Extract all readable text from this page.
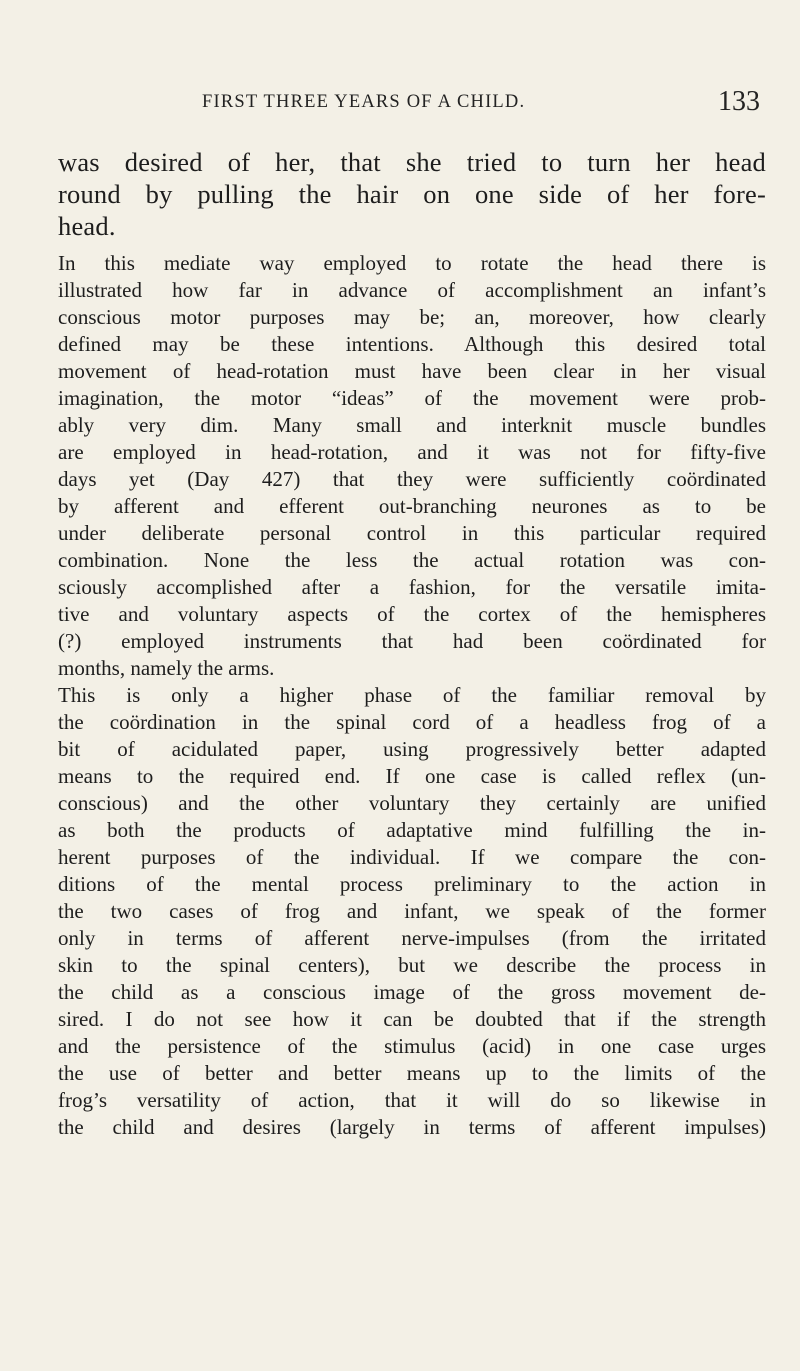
FIRST THREE YEARS OF A CHILD.	133
was desired of her, that she tried to turn her head
round by pulling the hair on one side of her fore-
head.
In this mediate way employed to rotate the head there is
illustrated how far in advance of accomplishment an infant’s
conscious motor purposes may be; an, moreover, how clearly
defined may be these intentions. Although this desired total
movement of head-rotation must have been clear in her visual
imagination, the motor “ideas” of the movement were prob-
ably very dim. Many small and interknit muscle bundles
are employed in head-rotation, and it was not for fifty-five
days yet (Day 427) that they were sufficiently coördinated
by afferent and efferent out-branching neurones as to be
under deliberate personal control in this particular required
combination. None the less the actual rotation was con-
sciously accomplished after a fashion, for the versatile imita-
tive and voluntary aspects of the cortex of the hemispheres
(?) employed instruments that had been coördinated for
months, namely the arms.
This is only a higher phase of the familiar removal by
the coördination in the spinal cord of a headless frog of a
bit of acidulated paper, using progressively better adapted
means to the required end. If one case is called reflex (un-
conscious) and the other voluntary they certainly are unified
as both the products of adaptative mind fulfilling the in-
herent purposes of the individual. If we compare the con-
ditions of the mental process preliminary to the action in
the two cases of frog and infant, we speak of the former
only in terms of afferent nerve-impulses (from the irritated
skin to the spinal centers), but we describe the process in
the child as a conscious image of the gross movement de-
sired. I do not see how it can be doubted that if the strength
and the persistence of the stimulus (acid) in one case urges
the use of better and better means up to the limits of the
frog’s versatility of action, that it will do so likewise in
the child and desires (largely in terms of afferent impulses)
